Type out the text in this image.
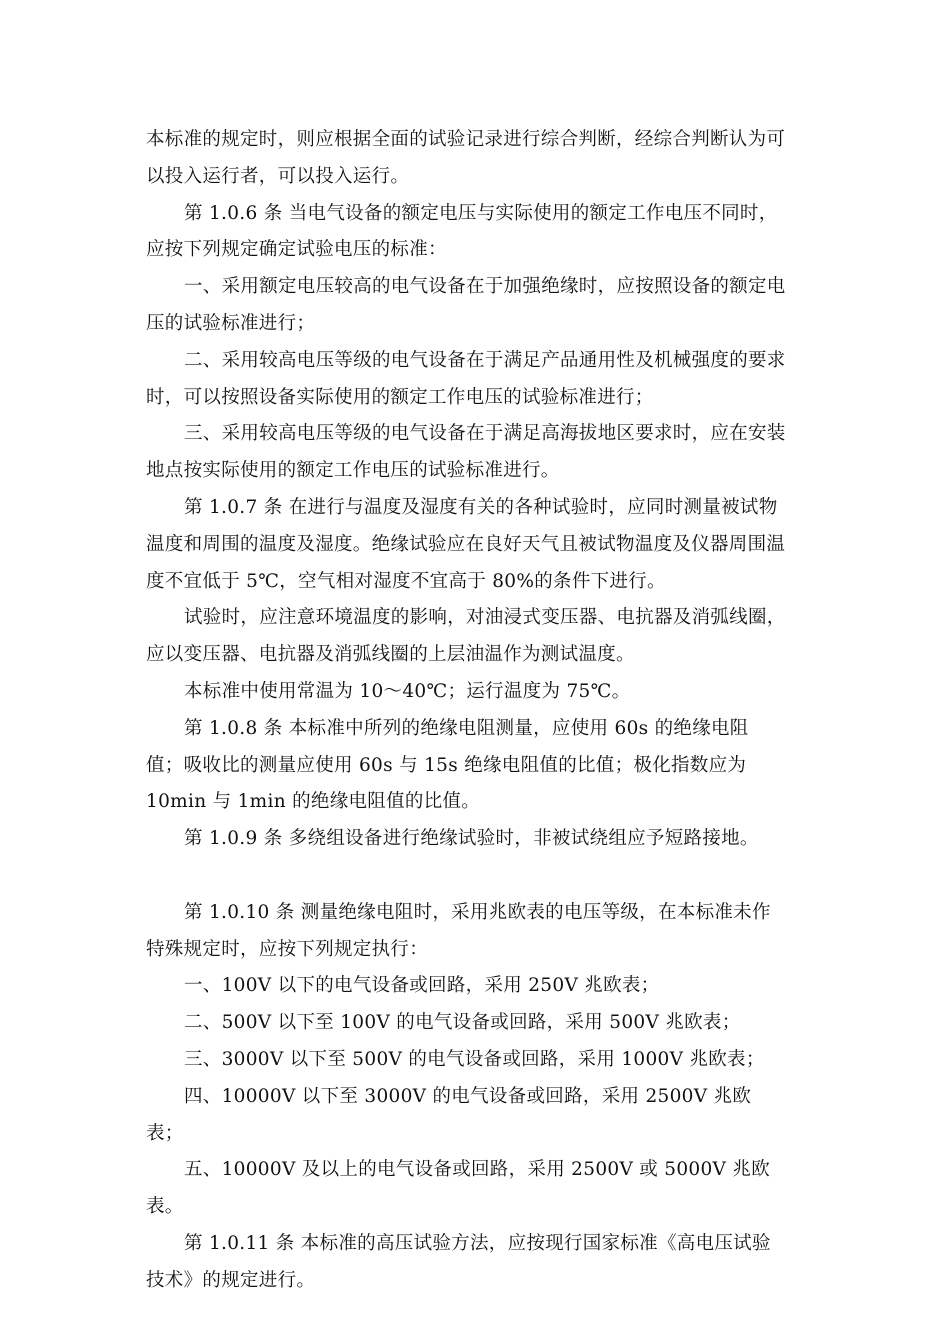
本标准的规定时，则应根据全面的试验记录进行综合判断，经综合判断认为可以投入运行者，可以投入运行。

第 1.0.6 条 当电气设备的额定电压与实际使用的额定工作电压不同时，应按下列规定确定试验电压的标准：

一、采用额定电压较高的电气设备在于加强绝缘时，应按照设备的额定电压的试验标准进行；

二、采用较高电压等级的电气设备在于满足产品通用性及机械强度的要求时，可以按照设备实际使用的额定工作电压的试验标准进行；

三、采用较高电压等级的电气设备在于满足高海拔地区要求时，应在安装地点按实际使用的额定工作电压的试验标准进行。

第 1.0.7 条 在进行与温度及湿度有关的各种试验时，应同时测量被试物温度和周围的温度及湿度。绝缘试验应在良好天气且被试物温度及仪器周围温度不宜低于 5℃，空气相对湿度不宜高于 80%的条件下进行。

试验时，应注意环境温度的影响，对油浸式变压器、电抗器及消弧线圈，应以变压器、电抗器及消弧线圈的上层油温作为测试温度。

本标准中使用常温为 10～40℃；运行温度为 75℃。

第 1.0.8 条 本标准中所列的绝缘电阻测量，应使用 60s 的绝缘电阻值；吸收比的测量应使用 60s 与 15s 绝缘电阻值的比值；极化指数应为 10min 与 1min 的绝缘电阻值的比值。

第 1.0.9 条 多绕组设备进行绝缘试验时，非被试绕组应予短路接地。

第 1.0.10 条 测量绝缘电阻时，采用兆欧表的电压等级，在本标准未作特殊规定时，应按下列规定执行：

一、100V 以下的电气设备或回路，采用 250V 兆欧表；

二、500V 以下至 100V 的电气设备或回路，采用 500V 兆欧表；

三、3000V 以下至 500V 的电气设备或回路，采用 1000V 兆欧表；

四、10000V 以下至 3000V 的电气设备或回路，采用 2500V 兆欧表；

五、10000V 及以上的电气设备或回路，采用 2500V 或 5000V 兆欧表。

第 1.0.11 条 本标准的高压试验方法，应按现行国家标准《高电压试验技术》的规定进行。
